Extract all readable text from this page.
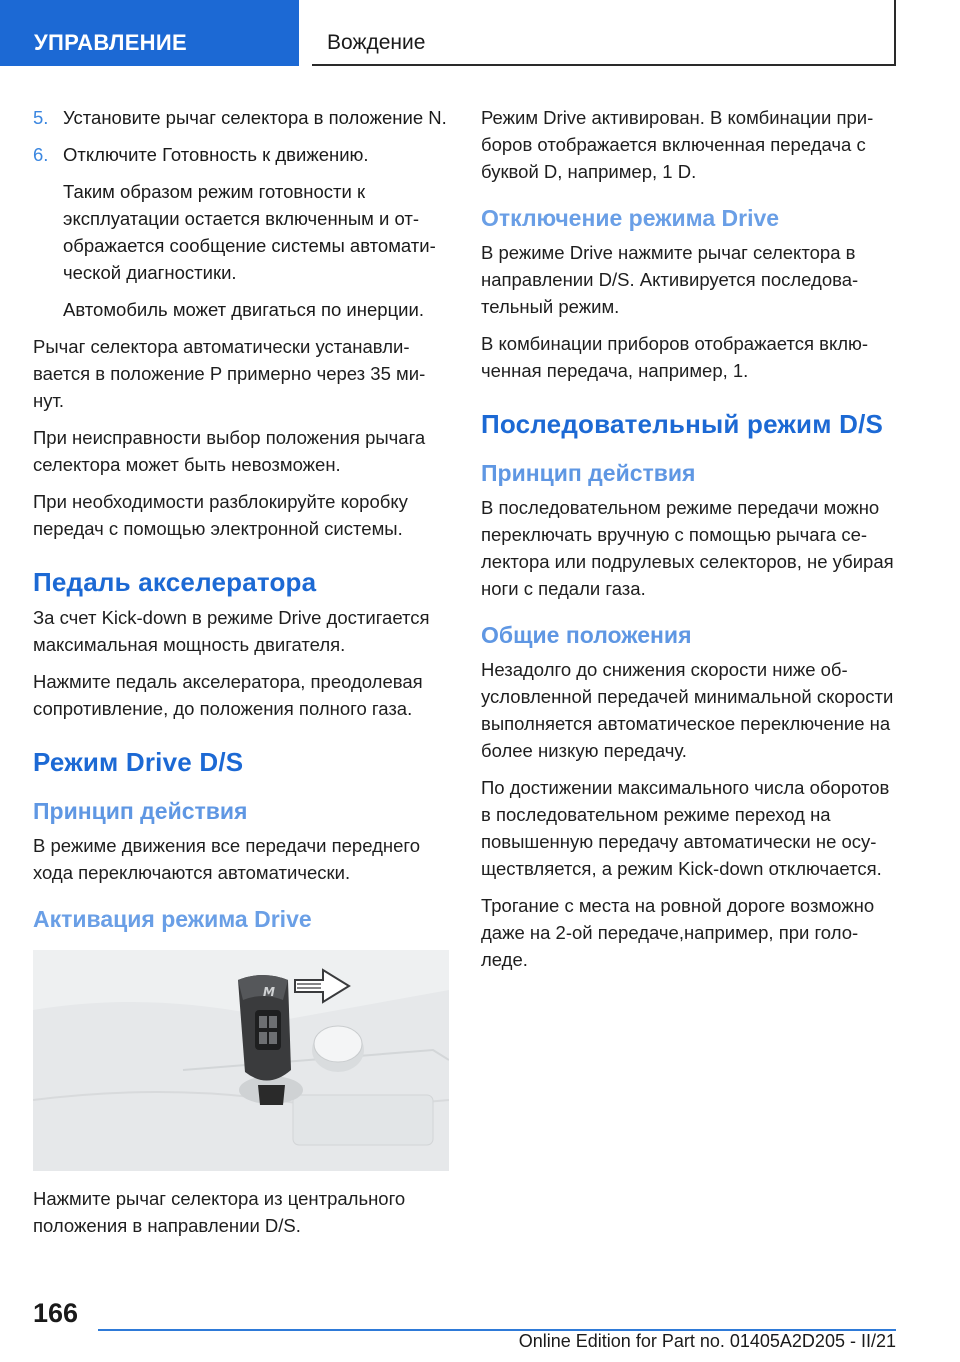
УПРАВЛЕНИЕ	Вождение
5. Установите рычаг селектора в положение N.
6. Отключите Готовность к движению.

Таким образом режим готовности к эксплуатации остается включенным и отображается сообщение системы автоматической диагностики.

Автомобиль может двигаться по инерции.

Рычаг селектора автоматически устанавливается в положение P примерно через 35 минут.

При неисправности выбор положения рычага селектора может быть невозможен.

При необходимости разблокируйте коробку передач с помощью электронной системы.

Педаль акселератора

За счет Kick-down в режиме Drive достигается максимальная мощность двигателя.

Нажмите педаль акселератора, преодолевая сопротивление, до положения полного газа.

Режим Drive D/S
Принцип действия

В режиме движения все передачи переднего хода переключаются автоматически.

Активация режима Drive
M

Нажмите рычаг селектора из центрального положения в направлении D/S.

Режим Drive активирован. В комбинации приборов отображается включенная передача с буквой D, например, 1 D.

Отключение режима Drive

В режиме Drive нажмите рычаг селектора в направлении D/S. Активируется последовательный режим.

В комбинации приборов отображается включенная передача, например, 1.

Последовательный режим D/S
Принцип действия

В последовательном режиме передачи можно переключать вручную с помощью рычага селектора или подрулевых селекторов, не убирая ноги с педали газа.

Общие положения

Незадолго до снижения скорости ниже обусловленной передачей минимальной скорости выполняется автоматическое переключение на более низкую передачу.

По достижении максимального числа оборотов в последовательном режиме переход на повышенную передачу автоматически не осуществляется, а режим Kick-down отключается.

Трогание с места на ровной дороге возможно даже на 2-ой передаче,например, при гололеде.

166
Online Edition for Part no. 01405A2D205 - II/21
